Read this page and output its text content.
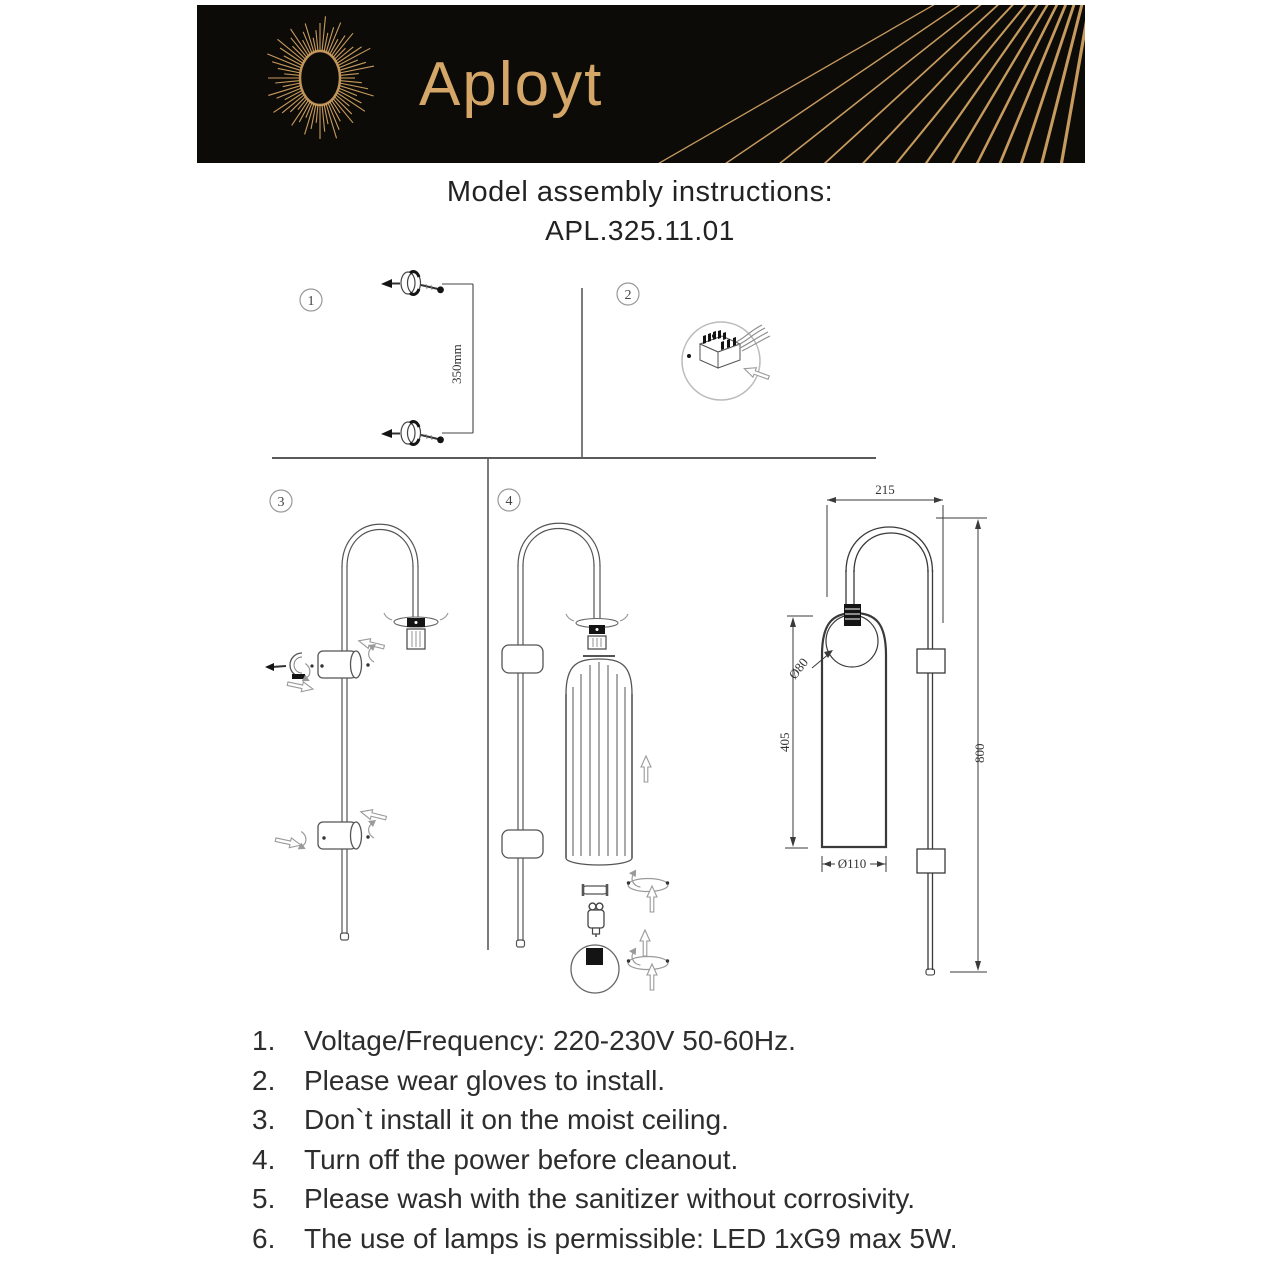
Aployt
Model assembly instructions:
APL.325.11.01
1
350mm
2
3	4
215
800
405
Ø80
Ø110
1.	Voltage/Frequency: 220-230V 50-60Hz.
2.	Please wear gloves to install.
3.	Don`t install it on the moist ceiling.
4.	Turn off the power before cleanout.
5.	Please wash with the sanitizer without corrosivity.
6.	The use of lamps is permissible: LED 1xG9 max 5W.
